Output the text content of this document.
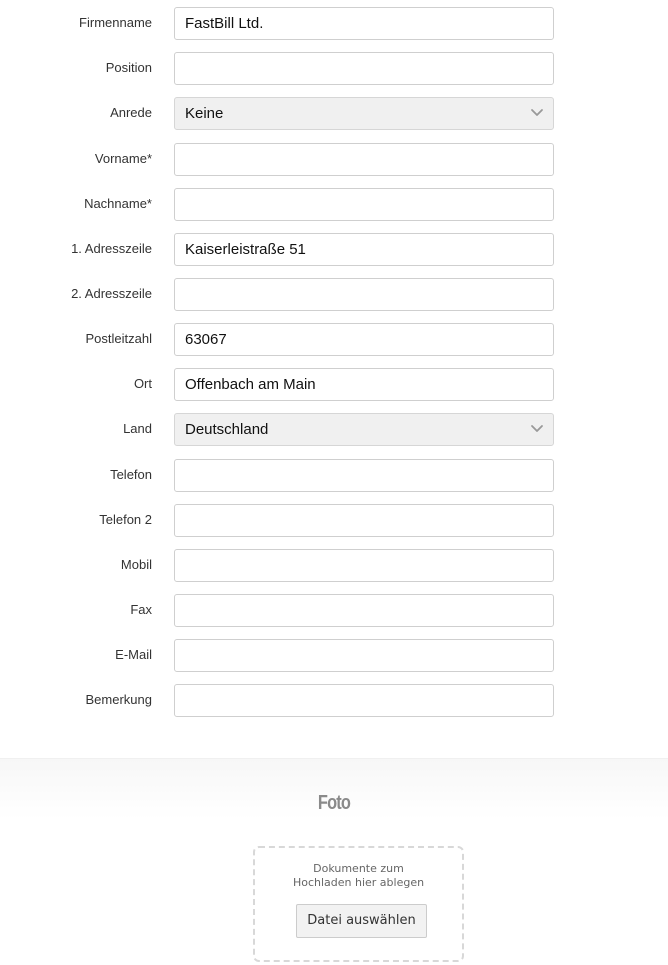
Firmenname
FastBill Ltd.
Position
Anrede Keine
Vorname*
Nachname*
1. Adresszeile
Kaiserleistraße 51
2. Adresszeile
Postleitzahl
63067
Ort
Offenbach am Main
Land Deutschland
Telefon
Telefon 2
Mobil
Fax
E-Mail
Bemerkung
Foto
Dokumente zum
Hochladen hier ablegen
Datei auswählen
